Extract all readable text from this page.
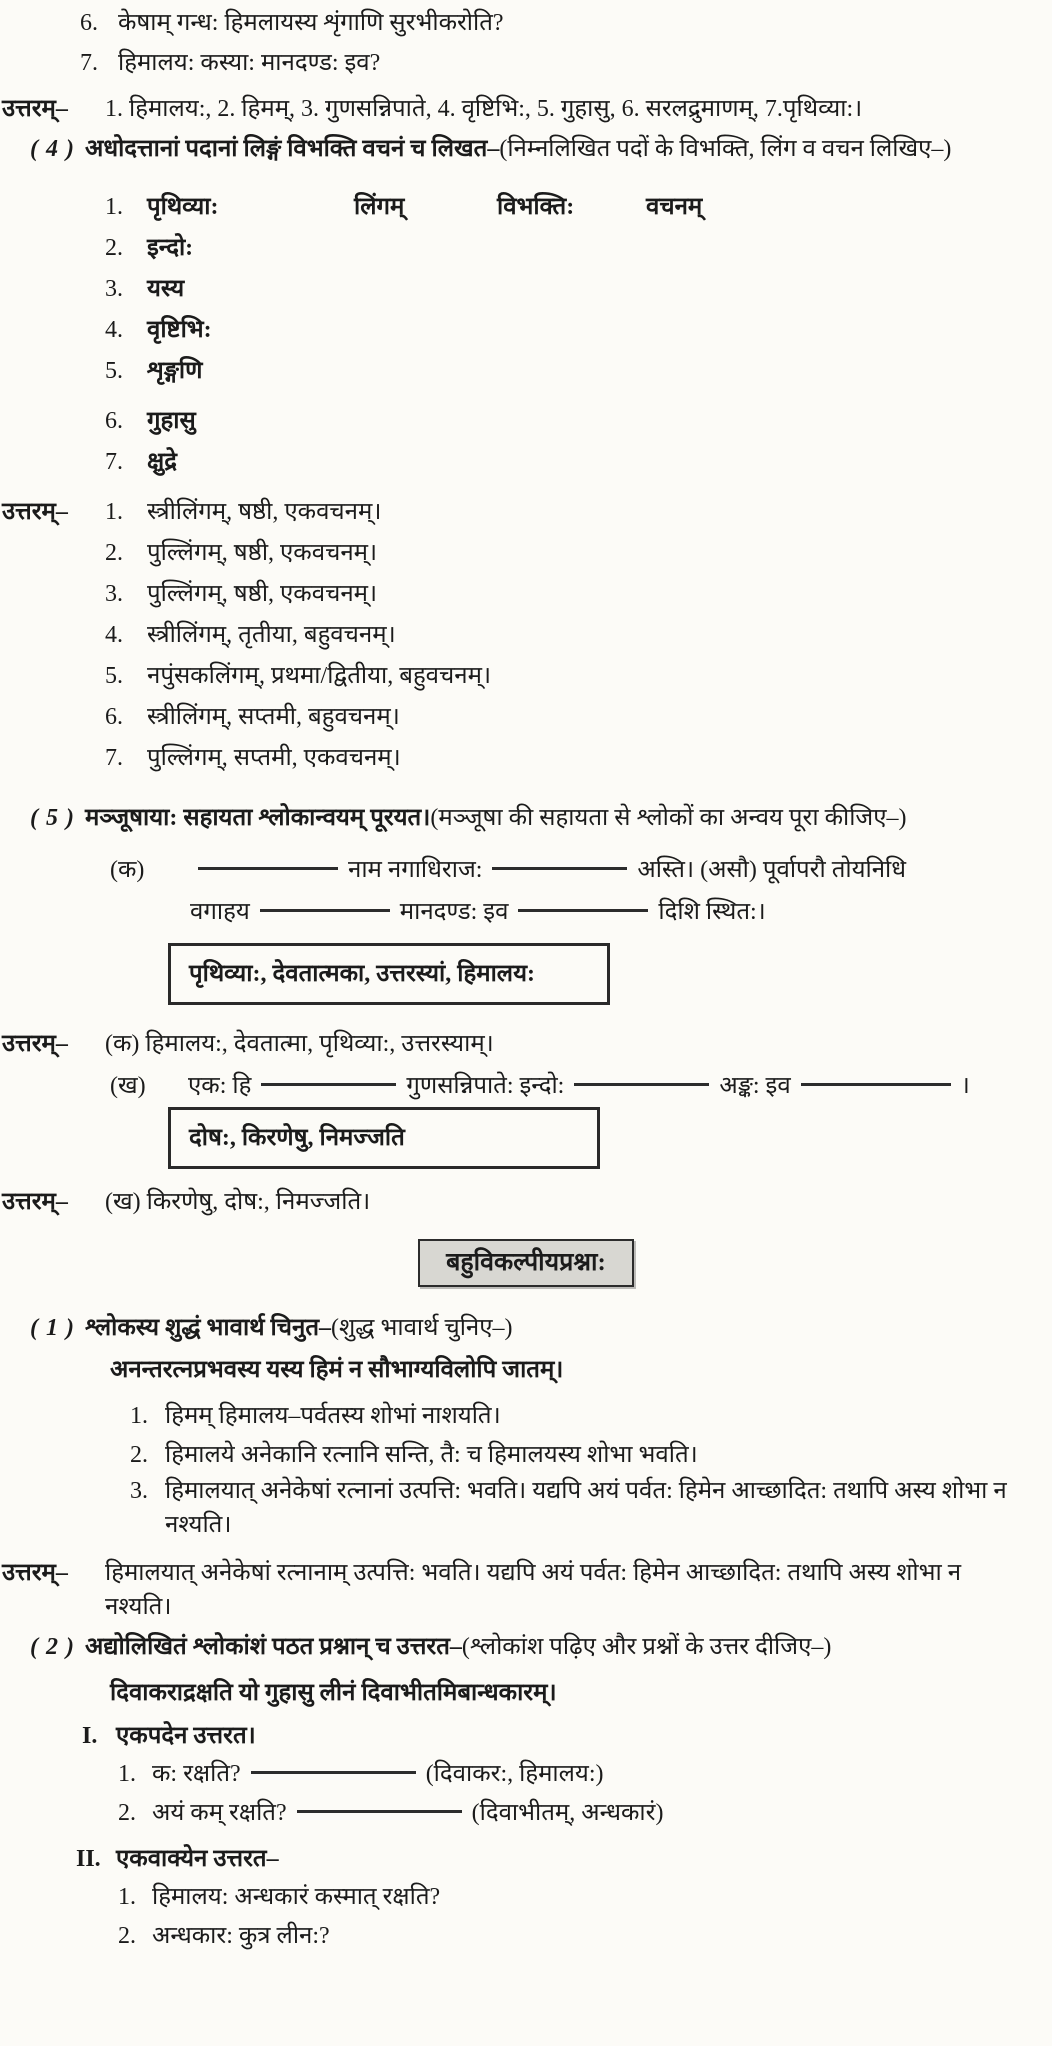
6. केषाम् गन्ध: हिमलायस्य शृंगाणि सुरभीकरोति?
7. हिमालय: कस्या: मानदण्ड: इव?
उत्तरम्– 1. हिमालय:, 2. हिमम्, 3. गुणसन्निपाते, 4. वृष्टिभि:, 5. गुहासु, 6. सरलद्रुमाणम्, 7.पृथिव्या:।
( 4 ) अधोदत्तानां पदानां लिङ्गं विभक्ति वचनं च लिखत–(निम्नलिखित पदों के विभक्ति, लिंग व वचन लिखिए–)
1. पृथिव्या:	लिंगम्	विभक्ति:	वचनम्
2. इन्दो:
3. यस्य
4. वृष्टिभि:
5. शृङ्गणि
6. गुहासु
7. क्षुद्रे
उत्तरम्– 1. स्त्रीलिंगम्, षष्ठी, एकवचनम्।
2. पुल्लिंगम्, षष्ठी, एकवचनम्।
3. पुल्लिंगम्, षष्ठी, एकवचनम्।
4. स्त्रीलिंगम्, तृतीया, बहुवचनम्।
5. नपुंसकलिंगम्, प्रथमा/द्वितीया, बहुवचनम्।
6. स्त्रीलिंगम्, सप्तमी, बहुवचनम्।
7. पुल्लिंगम्, सप्तमी, एकवचनम्।
( 5 ) मञ्जूषाया: सहायता श्लोकान्वयम् पूरयत।(मञ्जूषा की सहायता से श्लोकों का अन्वय पूरा कीजिए–)
(क)	नाम नगाधिराज:	अस्ति। (असौ) पूर्वापरौ तोयनिधि
वगाहय	मानदण्ड: इव	दिशि स्थित:।
पृथिव्या:, देवतात्मका, उत्तरस्यां, हिमालय:
उत्तरम्– (क) हिमालय:, देवतात्मा, पृथिव्या:, उत्तरस्याम्।
(ख) एक: हि	गुणसन्निपाते: इन्दो:	अङ्क: इव	।
दोष:, किरणेषु, निमज्जति
उत्तरम्– (ख) किरणेषु, दोष:, निमज्जति।
बहुविकल्पीयप्रश्ना:
( 1 ) श्लोकस्य शुद्धं भावार्थ चिनुत–(शुद्ध भावार्थ चुनिए–)
अनन्तरत्नप्रभवस्य यस्य हिमं न सौभाग्यविलोपि जातम्।
1. हिमम् हिमालय–पर्वतस्य शोभां नाशयति।
2. हिमालये अनेकानि रत्नानि सन्ति, तै: च हिमालयस्य शोभा भवति।
3. हिमालयात् अनेकेषां रत्नानां उत्पत्ति: भवति। यद्यपि अयं पर्वत: हिमेन आच्छादित: तथापि अस्य शोभा न नश्यति।
उत्तरम्– हिमालयात् अनेकेषां रत्नानाम् उत्पत्ति: भवति। यद्यपि अयं पर्वत: हिमेन आच्छादित: तथापि अस्य शोभा न नश्यति।
( 2 ) अद्योलिखितं श्लोकांशं पठत प्रश्नान् च उत्तरत–(श्लोकांश पढ़िए और प्रश्नों के उत्तर दीजिए–)
दिवाकराद्रक्षति यो गुहासु लीनं दिवाभीतमिबान्धकारम्।
I. एकपदेन उत्तरत।
1. क: रक्षति?	(दिवाकर:, हिमालय:)
2. अयं कम् रक्षति?	(दिवाभीतम्, अन्धकारं)
II. एकवाक्येन उत्तरत–
1. हिमालय: अन्धकारं कस्मात् रक्षति?
2. अन्धकार: कुत्र लीन:?
